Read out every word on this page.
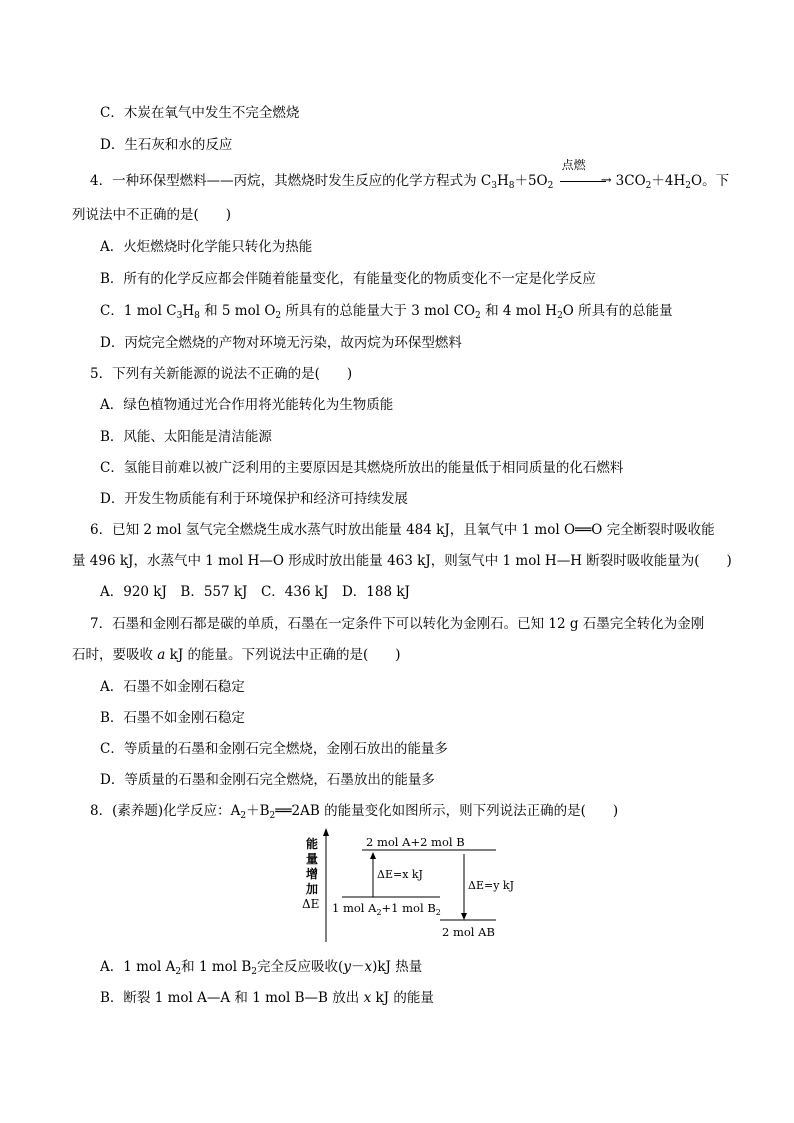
C．木炭在氧气中发生不完全燃烧
D．生石灰和水的反应
4．一种环保型燃料——丙烷，其燃烧时发生反应的化学方程式为 $C_3H_8+5O_2$
点燃
→ $3CO_2+4H_2O$。下
列说法中不正确的是(　　)
A．火炬燃烧时化学能只转化为热能
B．所有的化学反应都会伴随着能量变化，有能量变化的物质变化不一定是化学反应
C．1 mol $C_3H_8$ 和 5 mol $O_2$ 所具有的总能量大于 3 mol $CO_2$ 和 4 mol $H_2O$ 所具有的总能量
D．丙烷完全燃烧的产物对环境无污染，故丙烷为环保型燃料
5．下列有关新能源的说法不正确的是(　　)
A．绿色植物通过光合作用将光能转化为生物质能
B．风能、太阳能是清洁能源
C．氢能目前难以被广泛利用的主要原因是其燃烧所放出的能量低于相同质量的化石燃料
D．开发生物质能有利于环境保护和经济可持续发展
6．已知 2 mol 氢气完全燃烧生成水蒸气时放出能量 484 kJ，且氧气中 1 mol O══O 完全断裂时吸收能
量 496 kJ，水蒸气中 1 mol H—O 形成时放出能量 463 kJ，则氢气中 1 mol H—H 断裂时吸收能量为(　　)
A．920 kJ　B．557 kJ　C．436 kJ　D．188 kJ
7．石墨和金刚石都是碳的单质，石墨在一定条件下可以转化为金刚石。已知 12 g 石墨完全转化为金刚
石时，要吸收 a kJ 的能量。下列说法中正确的是(　　)
A．石墨不如金刚石稳定
B．石墨不如金刚石稳定
C．等质量的石墨和金刚石完全燃烧，金刚石放出的能量多
D．等质量的石墨和金刚石完全燃烧，石墨放出的能量多
8．(素养题)化学反应：$A_2+B_2══2AB$ 的能量变化如图所示，则下列说法正确的是(　　)
能
量
增
加
ΔE
2 mol A+2 mol B
1 mol $A_2+1$ mol $B_2$
2 mol AB
ΔE=x kJ
ΔE=y kJ
A．1 mol $A_2$和 1 mol $B_2$完全反应吸收(y－x)kJ 热量
B．断裂 1 mol A—A 和 1 mol B—B 放出 x kJ 的能量
